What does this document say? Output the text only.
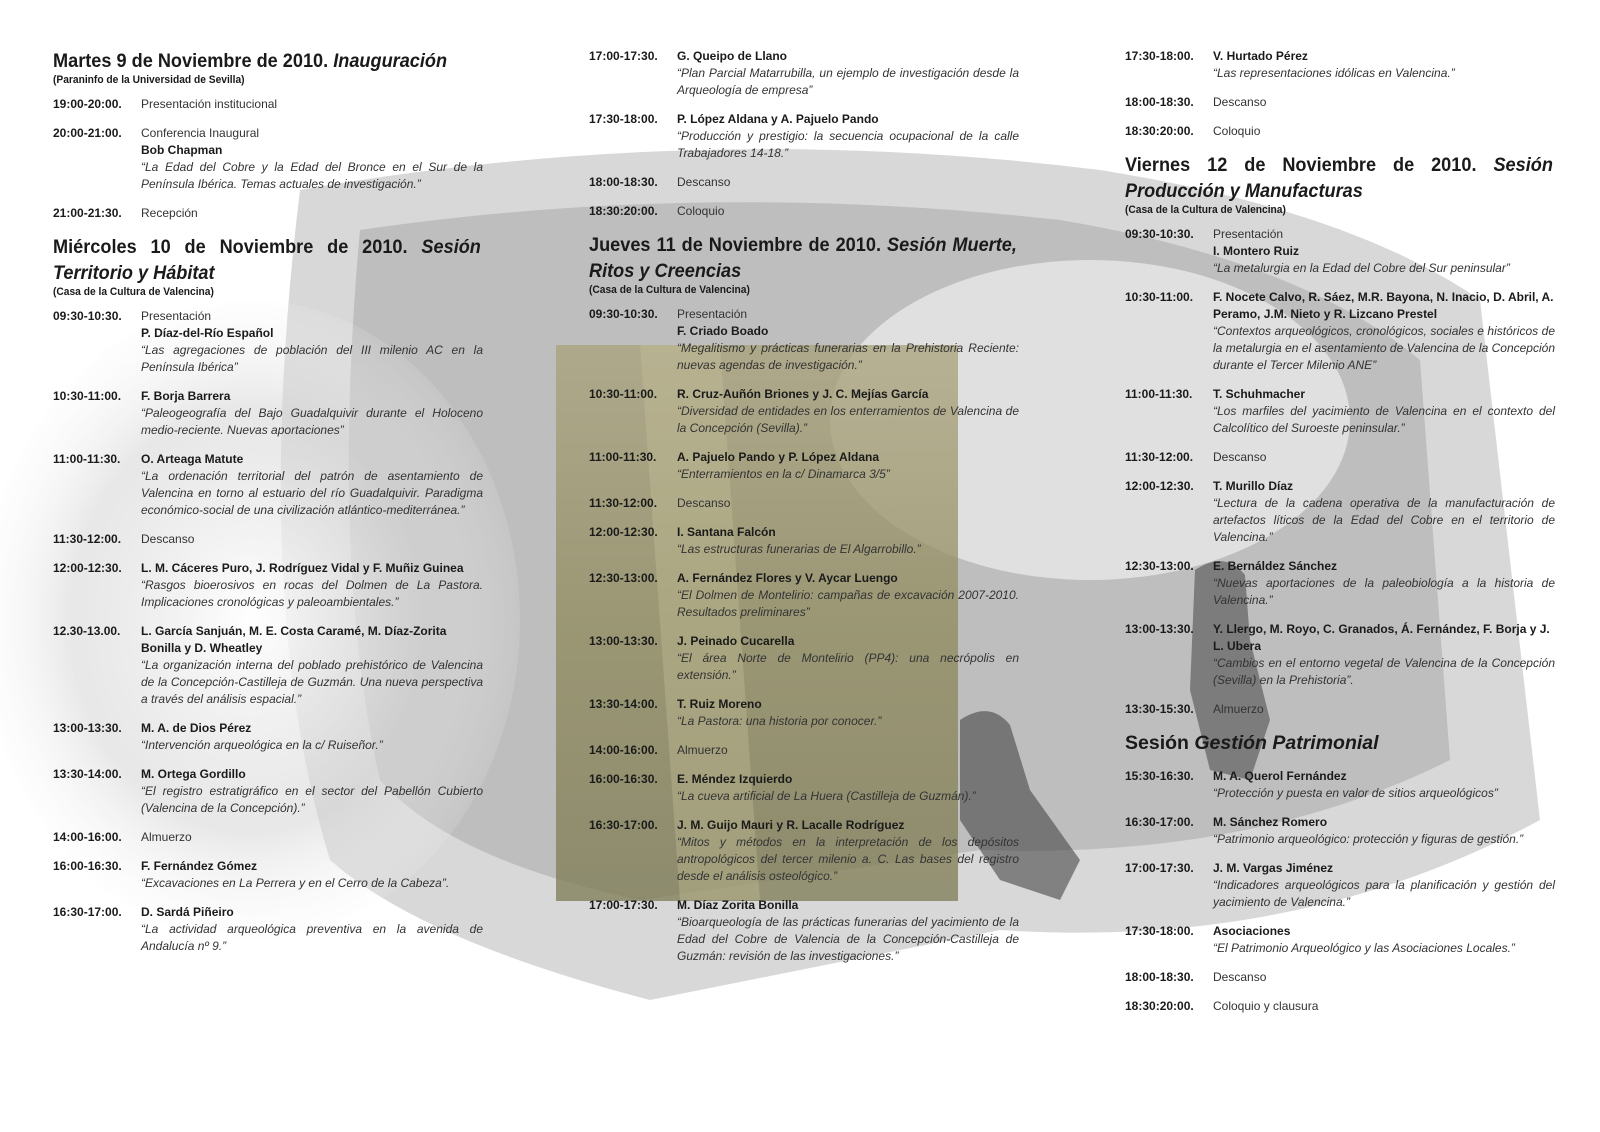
Martes 9 de Noviembre de 2010. Inauguración
(Paraninfo de la Universidad de Sevilla)
19:00-20:00.	Presentación institucional
20:00-21:00.	Conferencia Inaugural
Bob Chapman
“La Edad del Cobre y la Edad del Bronce en el Sur de la Península Ibérica. Temas actuales de investigación.”
21:00-21:30.	Recepción
Miércoles 10 de Noviembre de 2010. Sesión Territorio y Hábitat
(Casa de la Cultura de Valencina)
09:30-10:30.	Presentación
P. Díaz-del-Río Español
“Las agregaciones de población del III milenio AC en la Península Ibérica”
10:30-11:00.	F. Borja Barrera
“Paleogeografía del Bajo Guadalquivir durante el Holoceno medio-reciente. Nuevas aportaciones”
11:00-11:30.	O. Arteaga Matute
“La ordenación territorial del patrón de asentamiento de Valencina en torno al estuario del río Guadalquivir. Paradigma económico-social de una civilización atlántico-mediterránea.”
11:30-12:00.	Descanso
12:00-12:30.	L. M. Cáceres Puro, J. Rodríguez Vidal y F. Muñiz Guinea
“Rasgos bioerosivos en rocas del Dolmen de La Pastora. Implicaciones cronológicas y paleoambientales.”
12.30-13.00.	L. García Sanjuán, M. E. Costa Caramé, M. Díaz-Zorita Bonilla y D. Wheatley
“La organización interna del poblado prehistórico de Valencina de la Concepción-Castilleja de Guzmán. Una nueva perspectiva a través del análisis espacial.”
13:00-13:30.	M. A. de Dios Pérez
“Intervención arqueológica en la c/ Ruiseñor.”
13:30-14:00.	M. Ortega Gordillo
“El registro estratigráfico en el sector del Pabellón Cubierto (Valencina de la Concepción).”
14:00-16:00.	Almuerzo
16:00-16:30.	F. Fernández Gómez
“Excavaciones en La Perrera y en el Cerro de la Cabeza”.
16:30-17:00.	D. Sardá Piñeiro
“La actividad arqueológica preventiva en la avenida de Andalucía nº 9.”
17:00-17:30.	G. Queipo de Llano
“Plan Parcial Matarrubilla, un ejemplo de investigación desde la Arqueología de empresa”
17:30-18:00.	P. López Aldana y A. Pajuelo Pando
“Producción y prestigio: la secuencia ocupacional de la calle Trabajadores 14-18.”
18:00-18:30.	Descanso
18:30:20:00.	Coloquio
Jueves 11 de Noviembre de 2010. Sesión Muerte, Ritos y Creencias
(Casa de la Cultura de Valencina)
09:30-10:30.	Presentación
F. Criado Boado
“Megalitismo y prácticas funerarias en la Prehistoria Reciente: nuevas agendas de investigación.”
10:30-11:00.	R. Cruz-Auñón Briones y J. C. Mejías García
“Diversidad de entidades en los enterramientos de Valencina de la Concepción (Sevilla).”
11:00-11:30.	A. Pajuelo Pando y P. López Aldana
“Enterramientos en la c/ Dinamarca 3/5”
11:30-12:00.	Descanso
12:00-12:30.	I. Santana Falcón
“Las estructuras funerarias de El Algarrobillo.”
12:30-13:00.	A. Fernández Flores y V. Aycar Luengo
“El Dolmen de Montelirio: campañas de excavación 2007-2010. Resultados preliminares”
13:00-13:30.	J. Peinado Cucarella
“El área Norte de Montelirio (PP4): una necrópolis en extensión.”
13:30-14:00.	T. Ruiz Moreno
“La Pastora: una historia por conocer.”
14:00-16:00.	Almuerzo
16:00-16:30.	E. Méndez Izquierdo
“La cueva artificial de La Huera (Castilleja de Guzmán).”
16:30-17:00.	J. M. Guijo Mauri y R. Lacalle Rodríguez
“Mitos y métodos en la interpretación de los depósitos antropológicos del tercer milenio a. C. Las bases del registro desde el análisis osteológico.”
17:00-17:30.	M. Díaz Zorita Bonilla
“Bioarqueología de las prácticas funerarias del yacimiento de la Edad del Cobre de Valencia de la Concepción-Castilleja de Guzmán: revisión de las investigaciones.”
17:30-18:00.	V. Hurtado Pérez
“Las representaciones idólicas en Valencina.”
18:00-18:30.	Descanso
18:30:20:00.	Coloquio
Viernes 12 de Noviembre de 2010. Sesión Producción y Manufacturas
(Casa de la Cultura de Valencina)
09:30-10:30.	Presentación
I. Montero Ruiz
“La metalurgia en la Edad del Cobre del Sur peninsular”
10:30-11:00.	F. Nocete Calvo, R. Sáez, M.R. Bayona, N. Inacio, D. Abril, A. Peramo, J.M. Nieto y R. Lizcano Prestel
“Contextos arqueológicos, cronológicos, sociales e históricos de la metalurgia en el asentamiento de Valencina de la Concepción durante el Tercer Milenio ANE”
11:00-11:30.	T. Schuhmacher
“Los marfiles del yacimiento de Valencina en el contexto del Calcolítico del Suroeste peninsular.”
11:30-12:00.	Descanso
12:00-12:30.	T. Murillo Díaz
“Lectura de la cadena operativa de la manufacturación de artefactos líticos de la Edad del Cobre en el territorio de Valencina.”
12:30-13:00.	E. Bernáldez Sánchez
“Nuevas aportaciones de la paleobiología a la historia de Valencina.”
13:00-13:30.	Y. Llergo, M. Royo, C. Granados, Á. Fernández, F. Borja y J. L. Ubera
“Cambios en el entorno vegetal de Valencina de la Concepción (Sevilla) en la Prehistoria”.
13:30-15:30.	Almuerzo
Sesión Gestión Patrimonial
15:30-16:30.	M. A. Querol Fernández
“Protección y puesta en valor de sitios arqueológicos”
16:30-17:00.	M. Sánchez Romero
“Patrimonio arqueológico: protección y figuras de gestión.”
17:00-17:30.	J. M. Vargas Jiménez
“Indicadores arqueológicos para la planificación y gestión del yacimiento de Valencina.”
17:30-18:00.	Asociaciones
“El Patrimonio Arqueológico y las Asociaciones Locales.”
18:00-18:30.	Descanso
18:30:20:00.	Coloquio y clausura
